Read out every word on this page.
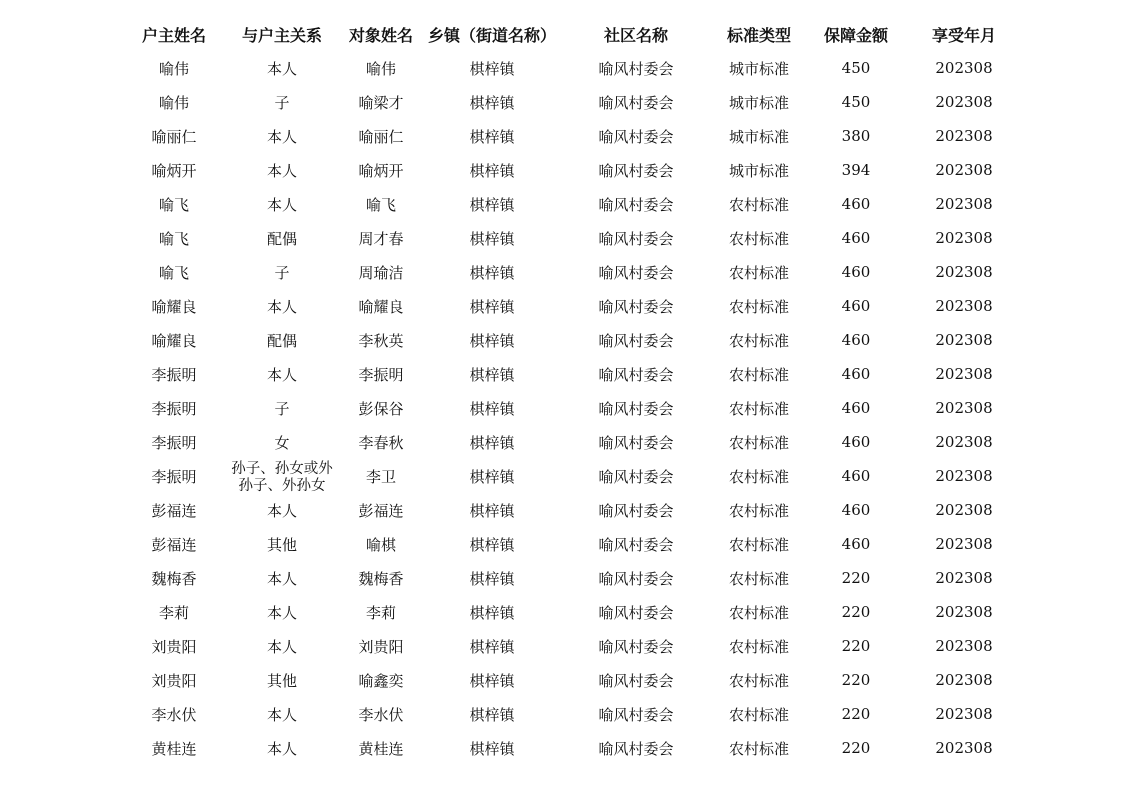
户主姓名	与户主关系	对象姓名	乡镇（街道名称）	社区名称	标准类型	保障金额	享受年月
喻伟	本人	喻伟	棋梓镇	喻风村委会	城市标准	450	202308
喻伟	子	喻梁才	棋梓镇	喻风村委会	城市标准	450	202308
喻丽仁	本人	喻丽仁	棋梓镇	喻风村委会	城市标准	380	202308
喻炳开	本人	喻炳开	棋梓镇	喻风村委会	城市标准	394	202308
喻飞	本人	喻飞	棋梓镇	喻风村委会	农村标准	460	202308
喻飞	配偶	周才春	棋梓镇	喻风村委会	农村标准	460	202308
喻飞	子	周瑜洁	棋梓镇	喻风村委会	农村标准	460	202308
喻耀良	本人	喻耀良	棋梓镇	喻风村委会	农村标准	460	202308
喻耀良	配偶	李秋英	棋梓镇	喻风村委会	农村标准	460	202308
李振明	本人	李振明	棋梓镇	喻风村委会	农村标准	460	202308
李振明	子	彭保谷	棋梓镇	喻风村委会	农村标准	460	202308
李振明	女	李春秋	棋梓镇	喻风村委会	农村标准	460	202308
李振明	孙子、孙女或外孙子、外孙女	李卫	棋梓镇	喻风村委会	农村标准	460	202308
彭福连	本人	彭福连	棋梓镇	喻风村委会	农村标准	460	202308
彭福连	其他	喻棋	棋梓镇	喻风村委会	农村标准	460	202308
魏梅香	本人	魏梅香	棋梓镇	喻风村委会	农村标准	220	202308
李莉	本人	李莉	棋梓镇	喻风村委会	农村标准	220	202308
刘贵阳	本人	刘贵阳	棋梓镇	喻风村委会	农村标准	220	202308
刘贵阳	其他	喻鑫奕	棋梓镇	喻风村委会	农村标准	220	202308
李水伏	本人	李水伏	棋梓镇	喻风村委会	农村标准	220	202308
黄桂连	本人	黄桂连	棋梓镇	喻风村委会	农村标准	220	202308
